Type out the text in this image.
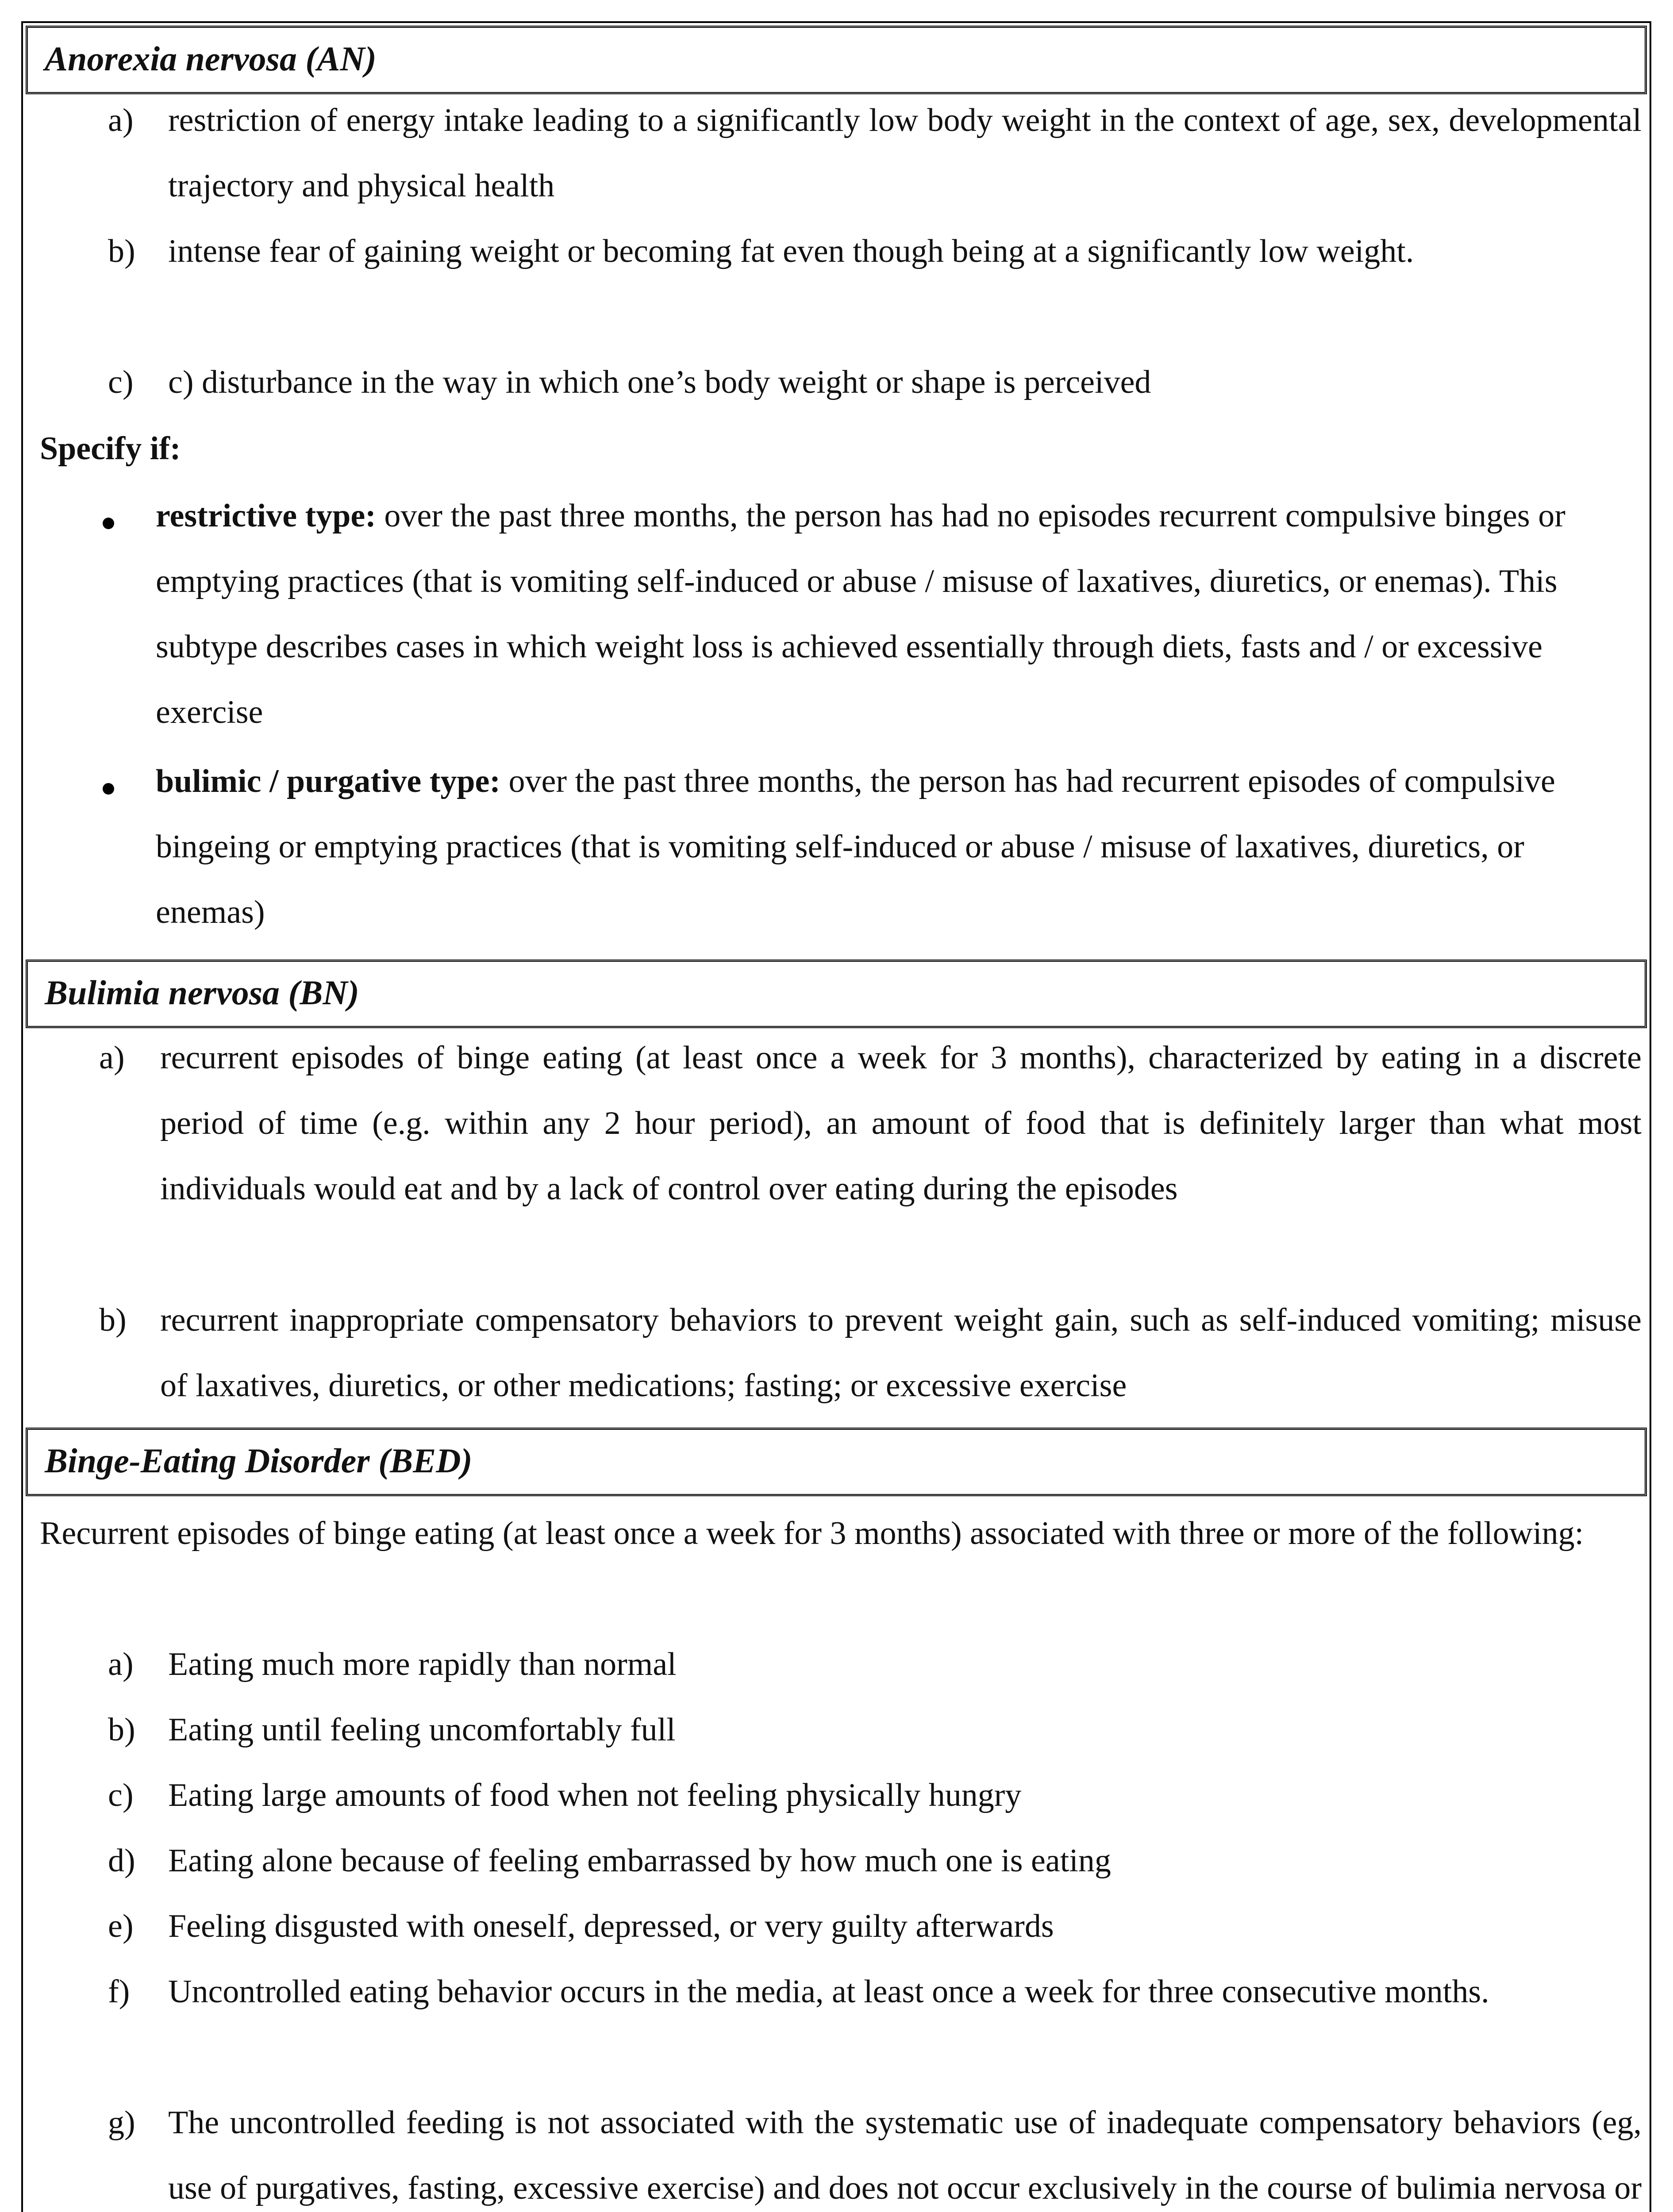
Anorexia nervosa (AN)
a) restriction of energy intake leading to a significantly low body weight in the context of age, sex, developmental trajectory and physical health
b) intense fear of gaining weight or becoming fat even though being at a significantly low weight.
c) c) disturbance in the way in which one’s body weight or shape is perceived
Specify if:
restrictive type: over the past three months, the person has had no episodes recurrent compulsive binges or emptying practices (that is vomiting self-induced or abuse / misuse of laxatives, diuretics, or enemas). This subtype describes cases in which weight loss is achieved essentially through diets, fasts and / or excessive exercise
bulimic / purgative type: over the past three months, the person has had recurrent episodes of compulsive bingeing or emptying practices (that is vomiting self-induced or abuse / misuse of laxatives, diuretics, or enemas)
Bulimia nervosa (BN)
a) recurrent episodes of binge eating (at least once a week for 3 months), characterized by eating in a discrete period of time (e.g. within any 2 hour period), an amount of food that is definitely larger than what most individuals would eat and by a lack of control over eating during the episodes
b) recurrent inappropriate compensatory behaviors to prevent weight gain, such as self-induced vomiting; misuse of laxatives, diuretics, or other medications; fasting; or excessive exercise
Binge-Eating Disorder (BED)
Recurrent episodes of binge eating (at least once a week for 3 months) associated with three or more of the following:
a) Eating much more rapidly than normal
b) Eating until feeling uncomfortably full
c) Eating large amounts of food when not feeling physically hungry
d) Eating alone because of feeling embarrassed by how much one is eating
e) Feeling disgusted with oneself, depressed, or very guilty afterwards
f) Uncontrolled eating behavior occurs in the media, at least once a week for three consecutive months.
g) The uncontrolled feeding is not associated with the systematic use of inadequate compensatory behaviors (eg, use of purgatives, fasting, excessive exercise) and does not occur exclusively in the course of bulimia nervosa or
